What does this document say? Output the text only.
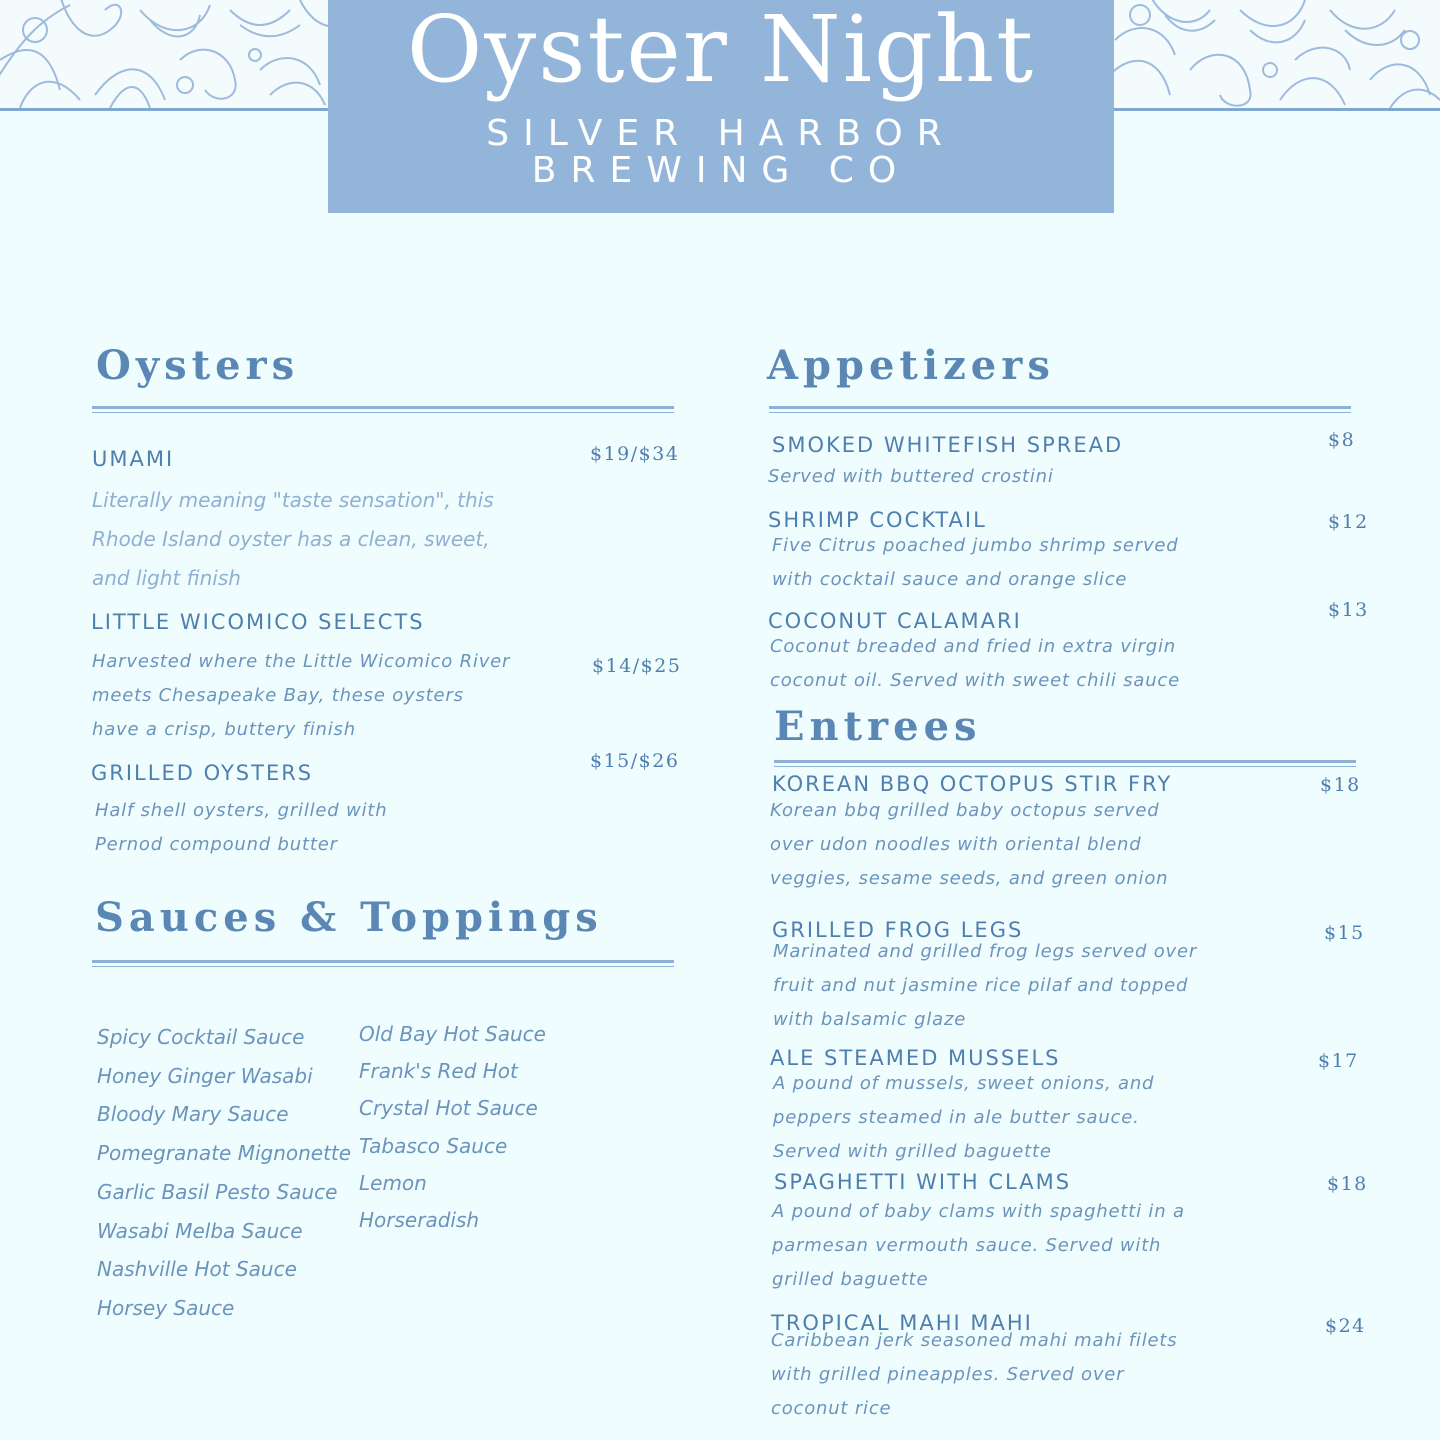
Oyster Night
SILVER HARBOR
BREWING CO
Oysters
UMAMI	$19/$34
Literally meaning "taste sensation", this Rhode Island oyster has a clean, sweet, and light finish
LITTLE WICOMICO SELECTS
$14/$25
Harvested where the Little Wicomico River meets Chesapeake Bay, these oysters have a crisp, buttery finish
GRILLED OYSTERS	$15/$26
Half shell oysters, grilled with Pernod compound butter
Sauces & Toppings
Spicy Cocktail Sauce
Honey Ginger Wasabi
Bloody Mary Sauce
Pomegranate Mignonette
Garlic Basil Pesto Sauce
Wasabi Melba Sauce
Nashville Hot Sauce
Horsey Sauce
Old Bay Hot Sauce
Frank's Red Hot
Crystal Hot Sauce
Tabasco Sauce
Lemon
Horseradish
Appetizers
SMOKED WHITEFISH SPREAD	$8
Served with buttered crostini
SHRIMP COCKTAIL	$12
Five Citrus poached jumbo shrimp served with cocktail sauce and orange slice
COCONUT CALAMARI	$13
Coconut breaded and fried in extra virgin coconut oil. Served with sweet chili sauce
Entrees
KOREAN BBQ OCTOPUS STIR FRY	$18
Korean bbq grilled baby octopus served over udon noodles with oriental blend veggies, sesame seeds, and green onion
GRILLED FROG LEGS	$15
Marinated and grilled frog legs served over fruit and nut jasmine rice pilaf and topped with balsamic glaze
ALE STEAMED MUSSELS	$17
A pound of mussels, sweet onions, and peppers steamed in ale butter sauce. Served with grilled baguette
SPAGHETTI WITH CLAMS	$18
A pound of baby clams with spaghetti in a parmesan vermouth sauce. Served with grilled baguette
TROPICAL MAHI MAHI	$24
Caribbean jerk seasoned mahi mahi filets with grilled pineapples. Served over coconut rice
